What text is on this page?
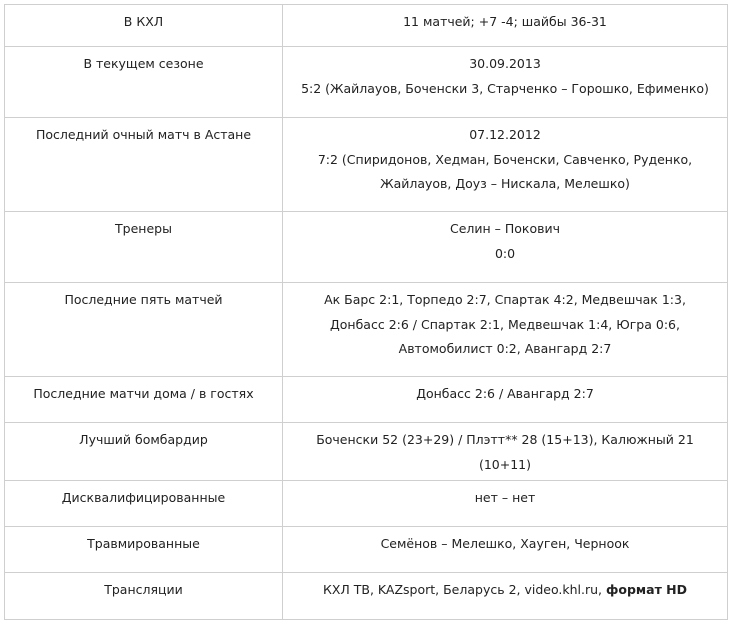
В КХЛ	11 матчей; +7 -4; шайбы 36-31

В текущем сезоне	30.09.2013
5:2 (Жайлауов, Боченски 3, Старченко – Горошко, Ефименко)

Последний очный матч в Астане	07.12.2012
7:2 (Спиридонов, Хедман, Боченски, Савченко, Руденко, Жайлауов, Доуз – Нискала, Мелешко)

Тренеры	Селин – Покович
0:0

Последние пять матчей	Ак Барс 2:1, Торпедо 2:7, Спартак 4:2, Медвешчак 1:3, Донбасс 2:6 / Спартак 2:1, Медвешчак 1:4, Югра 0:6, Автомобилист 0:2, Авангард 2:7

Последние матчи дома / в гостях	Донбасс 2:6 / Авангард 2:7

Лучший бомбардир	Боченски 52 (23+29) / Плэтт** 28 (15+13), Калюжный 21 (10+11)

Дисквалифицированные	нет – нет

Травмированные	Семёнов – Мелешко, Хауген, Черноок

Трансляции	КХЛ ТВ, KAZsport, Беларусь 2, video.khl.ru, формат HD
